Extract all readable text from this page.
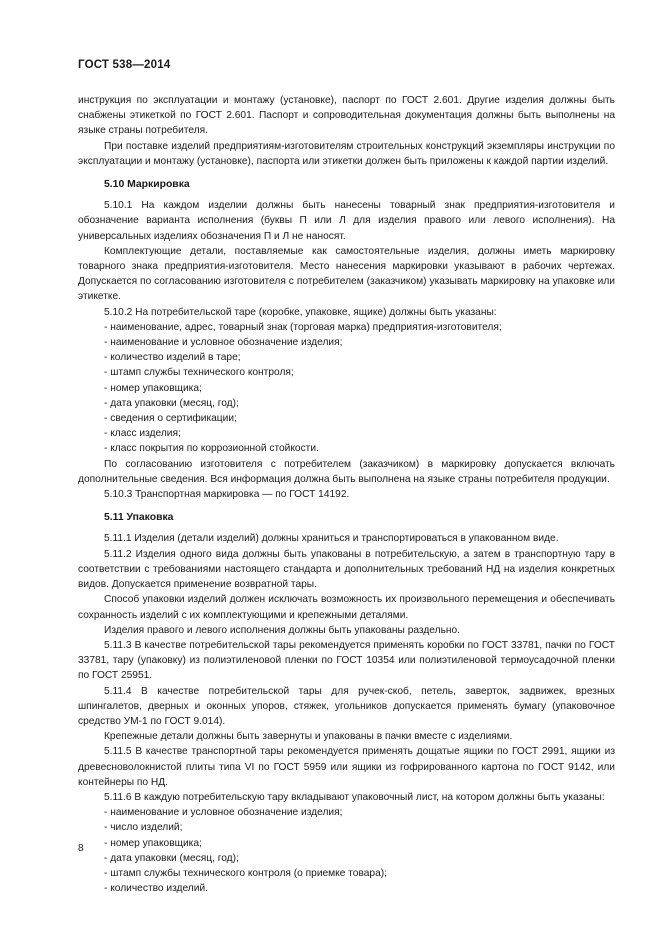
ГОСТ 538—2014

инструкция по эксплуатации и монтажу (установке), паспорт по ГОСТ 2.601. Другие изделия должны быть снабжены этикеткой по ГОСТ 2.601. Паспорт и сопроводительная документация должны быть выполнены на языке страны потребителя.

При поставке изделий предприятиям-изготовителям строительных конструкций экземпляры инструкции по эксплуатации и монтажу (установке), паспорта или этикетки должен быть приложены к каждой партии изделий.

5.10 Маркировка

5.10.1 На каждом изделии должны быть нанесены товарный знак предприятия-изготовителя и обозначение варианта исполнения (буквы П или Л для изделия правого или левого исполнения). На универсальных изделиях обозначения П и Л не наносят.

Комплектующие детали, поставляемые как самостоятельные изделия, должны иметь маркировку товарного знака предприятия-изготовителя. Место нанесения маркировки указывают в рабочих чертежах. Допускается по согласованию изготовителя с потребителем (заказчиком) указывать маркировку на упаковке или этикетке.

5.10.2 На потребительской таре (коробке, упаковке, ящике) должны быть указаны:

- наименование, адрес, товарный знак (торговая марка) предприятия-изготовителя;
- наименование и условное обозначение изделия;
- количество изделий в таре;
- штамп службы технического контроля;
- номер упаковщика;
- дата упаковки (месяц, год);
- сведения о сертификации;
- класс изделия;
- класс покрытия по коррозионной стойкости.

По согласованию изготовителя с потребителем (заказчиком) в маркировку допускается включать дополнительные сведения. Вся информация должна быть выполнена на языке страны потребителя продукции.

5.10.3 Транспортная маркировка — по ГОСТ 14192.

5.11 Упаковка

5.11.1 Изделия (детали изделий) должны храниться и транспортироваться в упакованном виде.

5.11.2 Изделия одного вида должны быть упакованы в потребительскую, а затем в транспортную тару в соответствии с требованиями настоящего стандарта и дополнительных требований НД на изделия конкретных видов. Допускается применение возвратной тары.

Способ упаковки изделий должен исключать возможность их произвольного перемещения и обеспечивать сохранность изделий с их комплектующими и крепежными деталями.

Изделия правого и левого исполнения должны быть упакованы раздельно.

5.11.3 В качестве потребительской тары рекомендуется применять коробки по ГОСТ 33781, пачки по ГОСТ 33781, тару (упаковку) из полиэтиленовой пленки по ГОСТ 10354 или полиэтиленовой термоусадочной пленки по ГОСТ 25951.

5.11.4 В качестве потребительской тары для ручек-скоб, петель, заверток, задвижек, врезных шпингалетов, дверных и оконных упоров, стяжек, угольников допускается применять бумагу (упаковочное средство УМ-1 по ГОСТ 9.014).

Крепежные детали должны быть завернуты и упакованы в пачки вместе с изделиями.

5.11.5 В качестве транспортной тары рекомендуется применять дощатые ящики по ГОСТ 2991, ящики из древесноволокнистой плиты типа VI по ГОСТ 5959 или ящики из гофрированного картона по ГОСТ 9142, или контейнеры по НД.

5.11.6 В каждую потребительскую тару вкладывают упаковочный лист, на котором должны быть указаны:

- наименование и условное обозначение изделия;
- число изделий;
- номер упаковщика;
- дата упаковки (месяц, год);
- штамп службы технического контроля (о приемке товара);
- количество изделий.
8
